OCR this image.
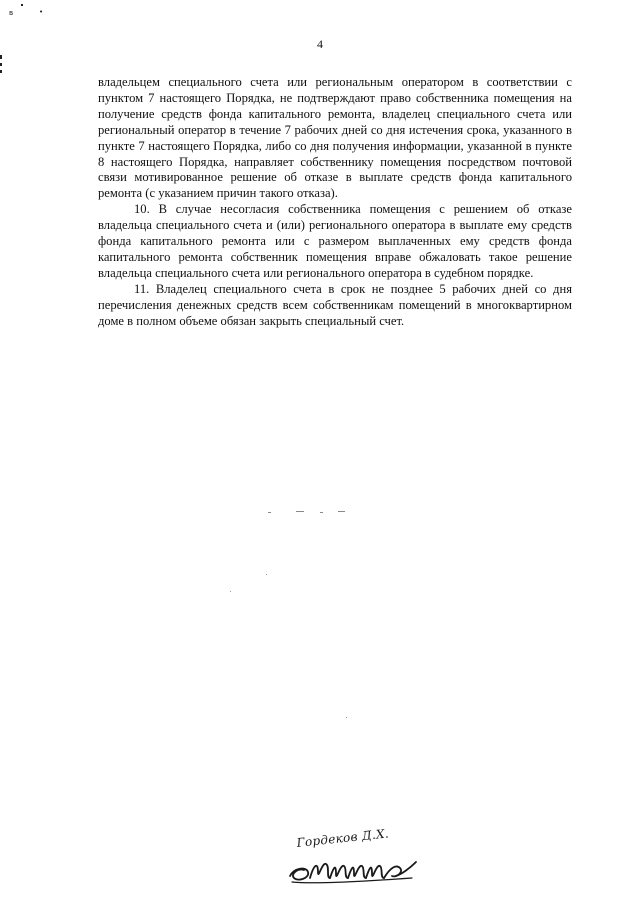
в	•
4

владельцем специального счета или региональным оператором в соответствии с пунктом 7 настоящего Порядка, не подтверждают право собственника помещения на получение средств фонда капитального ремонта, владелец специального счета или региональный оператор в течение 7 рабочих дней со дня истечения срока, указанного в пункте 7 настоящего Порядка, либо со дня получения информации, указанной в пункте 8 настоящего Порядка, направляет собственнику помещения посредством почтовой связи мотивированное решение об отказе в выплате средств фонда капитального ремонта (с указанием причин такого отказа).

10. В случае несогласия собственника помещения с решением об отказе владельца специального счета и (или) регионального оператора в выплате ему средств фонда капитального ремонта или с размером выплаченных ему средств фонда капитального ремонта собственник помещения вправе обжаловать такое решение владельца специального счета или регионального оператора в судебном порядке.

11. Владелец специального счета в срок не позднее 5 рабочих дней со дня перечисления денежных средств всем собственникам помещений в многоквартирном доме в полном объеме обязан закрыть специальный счет.

Гордеков Д.Х.
